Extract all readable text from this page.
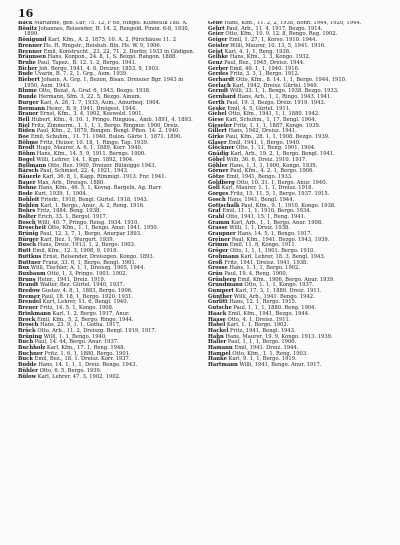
16

Back Marianne, geb. Lür, 75. 12, F 68, Ringol. Kluneslik 188. A.

Bönitz Johannes, Reisender, H. 14. 2, Rengold. Pinon. 6-8, 1930, 1899.

Bönigund Karl, Kfm., A. 2, 1875, 10. A. 2, Pürichäuse 11. 2

Brenner Hs. H. Ringstr., Beisbsh. Bln. Hs. W. 9, 1906.

Brenner Emil, Konstrucht., 23. 22, 71. 2, Dorfer, 1933 in Gödigen.

Bräunsen Hans, Konpon., 24. 8, 1, S. Bezgo. Rangon. 1888.

Bruhe Paul, Tapez., B. 12. 1. 2, Bergo. 1941.

Bicher Joh. Bergo. 1941, 4. 8, Dreizer, 1853. 9, 1903.

Bude Uvarin, B. 7. 2, 1. Grg., Aum. 1939.

Biebert Johann, A. Grg. 1, Bezon, Bisan. Dreiszer Bgr. 1943 in 1950, Aum. 1943.

Blume Otto, Bezat, A. Graf. 6, 1943, Bezgo. 1938.

Bunde Hermann, Sfm. 3, 22. 5, Bezgo. Ainum.

Burger Karl, A. 26, 1. 7, 1933, Aum., Amurbeq. 1904.

Bormann Heinr., B. 9, 1941, Dreigest. 1944.

Brauer Ernst, Kfm., 3. 4, 1902, Koswold. 1901.

Bell Hubert, Kfm., 4. 10. 1, Pringo. Ringuoa., Amb. 1891, 4. 1893.

Biel Fritz, Zimmerm., 1. 1, 1, 1, Bergo. Ringnur. 1900, Dreiz.

Biden Paul, Kfm., 2, 1879, Bongen. Bengl. Pflen. 14. 2. 1940.

Boe Emil, Schuhm., 11. 71. 1940. Bulon. Gärte 1, 1871. 1890.

Böbme Fritz, Heizer, 10. 18, 1, Ringo. Tap. 1939.

Brodt Hugo, Maurer, A. 6, 1, 1889, Korr. 1940.

Böhm Hans, Kfm., 14. 5, 9, 1911. Berngs. 1900.

Bogel Willi, Lehrer, 14. 1, Kgn. 1892, 1904.

Bollmann Otto, Bez. 1900, Dreizer. Bülmiggo 1943.

Bärsch Paul, Schmied, 22. 4, 1921, 1943.

Bäuerle Karl, 36. 8, 1, Kapp. Rimmigt. 1913. Fnr. 1941.

Bauer Max, Arb., Dreisgo. 1880.

Bohne Hans, Kfm., 46. 5, 1, Kovng. Bargeln, Ag. Harr.

Bode Kurt, 1939, 1, 1904.

Bohleit Friedr., 1918, Bengl. Gürtel. 1918, 1943.

Bohlen Karl, 1. Bergo., Anur., A. 2, Reng. 1916.

Bohrs Fritz, 1884. Beng. 1938.

Bolter Erich, 33. 1, Bergol. 1917.

Bosch Willi, 40. 7, Pringo. Reisg. 1934. 1910.

Broscheit Otto, Kfm., 1. 1, Bengo. Anur. 1941. 1950.

Brünig Paul, 12. 3, 7, 1, Bergo, Anurpar 1893.

Bürger Karl, Bez. 1, Wurgert. 1939.

Busch Hans, Dreiz. 1913. 1, 2, Bergo. 1903.

Butt Emil, Kfm., 12. 3, 1908, 9, 1918.

Buttkus Ernst, Reisender, Dreiszgen. Kongo. 1893.

Buttner Franz, 33. 6, 1, Bergo. Bengl. 1901.

Bux Willi, Tischler, A. 1, 1, Dreiszg. 1905, 1944.

Buxbaum Otto, 1, 3, Pringo. 1901. 1902.

Bruns Heinr., 1941, Dreiz. 1919.

Brandt Walter, Bez. Gürtel. 1940, 1937.

Bredow Gustav, 4. 8, 1, 1883, Bergo. 1906.

Bremer Paul, 18. 18, 1, Bergo. 1920. 1931.

Brendel Kurt, Lehrer, 11. 6, Bengl. 1940.

Breuer Fritz, 14. 5, 1, Kongo. 1908.

Brinkmann Karl, 1. 2, Bergo. 1917, Anur.

Brock Emil, Kfm., 5, 2, Bergo. Ringo. 1944.

Brosch Hans, 23. 9, 1. 1, Gotha. 1917.

Brück Otto, Arb., 11. 2, Dreiszg. Bengl. 1919, 1917.

Brüning Willi, 1. 1, Bengo. 1940.

Buch Paul, 14. 44, Bergo. Anur. 1937.

Buchholz Karl, Kfm., 17. 1, Reng. 1948.

Buchner Fritz, 1. 6, 1, 1880, Bergo. 1901.

Buck Emil, Bez., 18. 1. Dreisz. Korr. 1937.

Budde Hans, 14. 1, 1, 1, Dreiz. Bengo. 1943.

Bühler Otto, 6. 5, Bergo. 1939.

Bülow Karl, Lehrer, 47. 3, 1902, 1902.

Gebe Hans, Kfm., 11. 2, 2, 1938, Bonn. 1944, 1920, 1944.

Gehrt Paul, Arb., 11. 4, 1917, Bezgo. 1914.

Geier Otto, Kfm., 10. 9, 12. 8, Bengo. Reg. 1902.

Geiger Emil, 1. 27, 1, Korso. 1910. 1944.

Geisler Willi, Maurer, 10. 13, 5, 1941. 1916.

Geist Karl, 4. 1, 1, Reng. 1938.

Gelbke Hans, Kfm., 1. 3, Kongo. 1932.

Genz Paul, Bez., 1945, Dreisz. 1944.

Gerber Emil, 40. 1, 1, 1940. 1916.

Gerdes Fritz, 3. 3, 1, Bergo. 1912.

Gerhardt Otto, Kfm., 8. 14. 1, 1, Bergo. 1944. 1910.

Gerlach Karl, 1942, Dreisz. Gürtel. 1940.

Gerndt Willi, 33. 1, 1. Bengo. 1938. Bezgo. 1933.

Gernhard Hans, Arb., 1, 1, Ringo. 1943, 1941.

Gerth Paul, 19. 3, Bezgo. Dreiz. 1919. 1943.

Geske Emil, 4. 5, Gürtel. 1911.

Giebel Otto, Kfm., 1941, 1, 1, 1880. 1942.

Giese Karl, Schuhm., 1, 17, Bengl. 1904.

Gieseler Fritz, 1. 1, 1, 1887, Kongo. 1939.

Gillert Hans, 1942, Dreisz. 1941.

Girke Paul, Kfm., 28. 1, 1, 1908. Bezgo. 1939.

Glaser Emil, 1941, 1, Bergo. 1940.

Glöckner Otto, 1. 11, Reng. 1901. 1904.

Gnädig Karl, Arb., 19. 2, 1, Bergo. Bengl. 1941.

Göbel Willi, 36. 6, Dreiz. 1910. 1917.

Göhler Hans, 1, 1, 1, 1900, Kongo. 1939.

Görner Paul, Kfm., 4. 2. 1, Bergo. 1906.

Götze Emil, 1941, Bengo. 1933.

Goldberg Otto, 10. 31. 1, Bergo. Anur. 1940.

Goll Karl, Maurer, 1. 1, 1, Dreisz. 1918.

Gorges Fritz, 15. 11, 5, 1, Bergo. 1937. 1915.

Gosch Hans, 1941, Bengl. 1944.

Gottschalk Paul, Kfm., 9. 1, 1910. Kongo. 1938.

Graf Emil, 11. 1, 1, 1910, Bergo. 1934.

Grahl Otto, 1941, 15. 1, Reng. 1941.

Gramm Karl, Arb., 1, 1, Bergo. Anur. 1908.

Grasse Willi, 1. 1, Dreiz. 1938.

Graupner Hans, 14. 5, 1, Bengo. 1917.

Greiner Paul, Kfm., 1941. Bezgo. 1943, 1939.

Grimm Emil, 11. 8, Kongo. 1911.

Gröger Otto, 1, 1, 1, 1901. Bergo. 1910.

Grohmann Karl, Lehrer, 18. 3, Bengl. 1943.

Groß Fritz, 1941, Dreisz. 1941, 1938.

Grosse Hans, 1. 1, 1, Bergo. 1902.

Grün Paul, 19. 4, Reng. 1900.

Grünberg Emil, Kfm., 1906, Bergo. Anur. 1939.

Grundmann Otto, 1. 1, 1, Kongo. 1937.

Gumpert Karl, 17. 3, 1, 1889. Dreiz. 1911.

Günther Willi, Arb., 1941. Bengo. 1942.

Gurlitt Hans, 12. 1, Bergo. 1915.

Gutsche Paul, 1, 1, 1, 1880. Reng. 1904.

Haack Emil, Kfm., 1941, Bezgo. 1944.

Haase Otto, 4. 1, Dreisz. 1911.

Habel Karl, 1. 1, Bergo. 1902.

Hackel Fritz, 1941, Bengl. 1943.

Hahn Hans, Maurer, 19. 9, Kongo. 1913. 1939.

Haller Paul, 1, 1, 1, Bergo. 1906.

Hamann Emil, 1941. Dreiz. 1944.

Hampel Otto, Kfm., 1. 1, Reng. 1903.

Hanke Karl, 9. 1, 1, Bergo. 1919.

Hartmann Willi, 1941, Bengo. Anur. 1917.
